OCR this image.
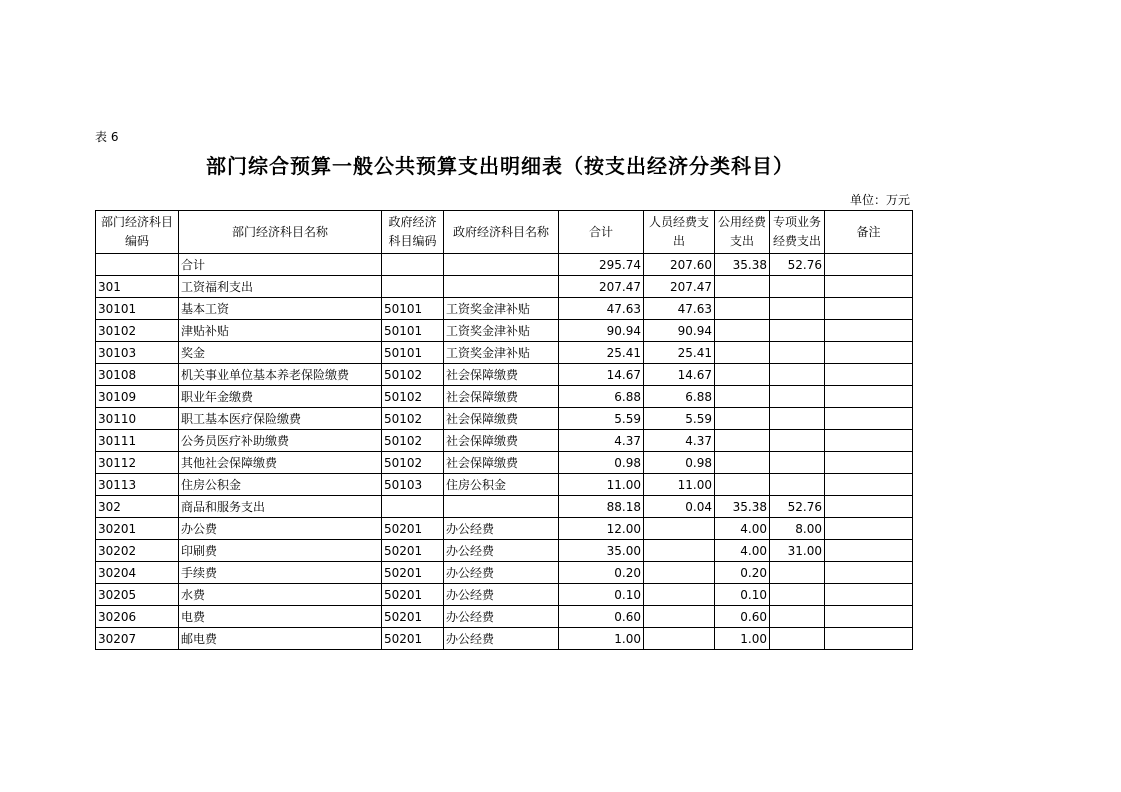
表 6
部门综合预算一般公共预算支出明细表（按支出经济分类科目）
单位：万元
部门经济科目编码	部门经济科目名称	政府经济科目编码	政府经济科目名称	合计	人员经费支出	公用经费支出	专项业务经费支出	备注
	合计			295.74	207.60	35.38	52.76	
301	工资福利支出			207.47	207.47			
30101	基本工资	50101	工资奖金津补贴	47.63	47.63			
30102	津贴补贴	50101	工资奖金津补贴	90.94	90.94			
30103	奖金	50101	工资奖金津补贴	25.41	25.41			
30108	机关事业单位基本养老保险缴费	50102	社会保障缴费	14.67	14.67			
30109	职业年金缴费	50102	社会保障缴费	6.88	6.88			
30110	职工基本医疗保险缴费	50102	社会保障缴费	5.59	5.59			
30111	公务员医疗补助缴费	50102	社会保障缴费	4.37	4.37			
30112	其他社会保障缴费	50102	社会保障缴费	0.98	0.98			
30113	住房公积金	50103	住房公积金	11.00	11.00			
302	商品和服务支出			88.18	0.04	35.38	52.76	
30201	办公费	50201	办公经费	12.00		4.00	8.00	
30202	印刷费	50201	办公经费	35.00		4.00	31.00	
30204	手续费	50201	办公经费	0.20		0.20		
30205	水费	50201	办公经费	0.10		0.10		
30206	电费	50201	办公经费	0.60		0.60		
30207	邮电费	50201	办公经费	1.00		1.00		
